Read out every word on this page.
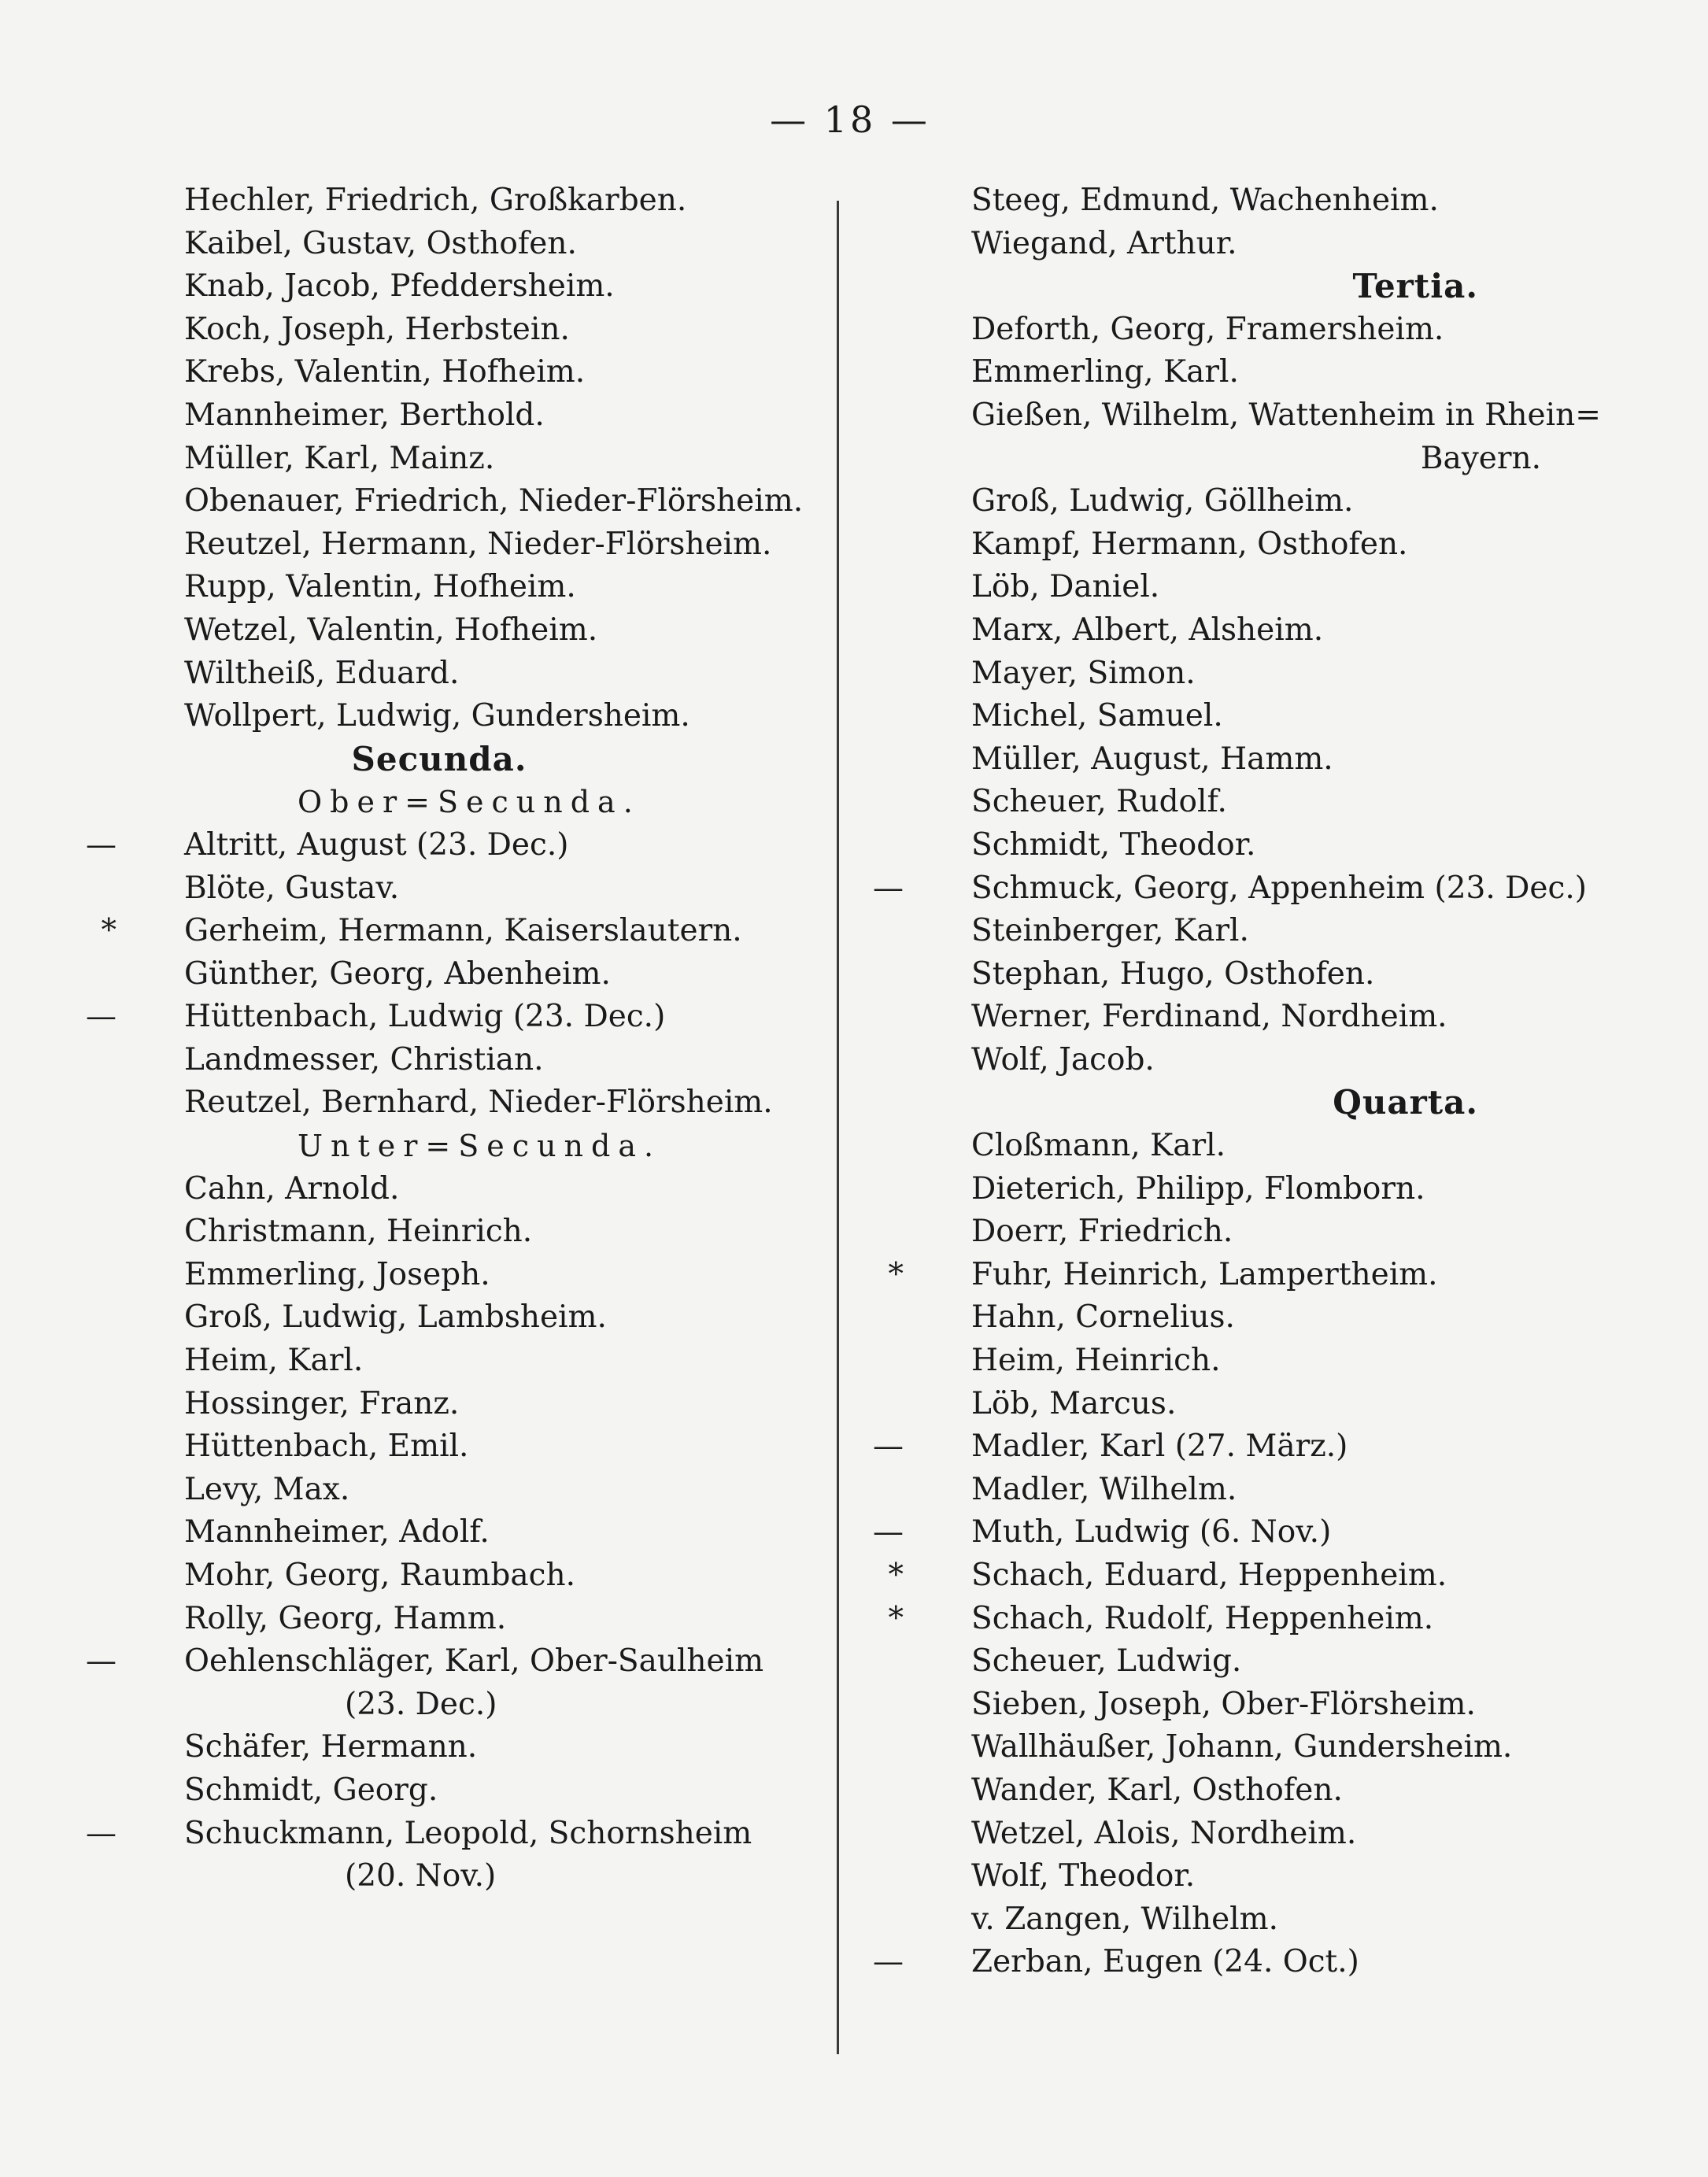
— 18 —
Hechler, Friedrich, Großkarben.
Kaibel, Gustav, Osthofen.
Knab, Jacob, Pfeddersheim.
Koch, Joseph, Herbstein.
Krebs, Valentin, Hofheim.
Mannheimer, Berthold.
Müller, Karl, Mainz.
Obenauer, Friedrich, Nieder-Flörsheim.
Reutzel, Hermann, Nieder-Flörsheim.
Rupp, Valentin, Hofheim.
Wetzel, Valentin, Hofheim.
Wiltheiß, Eduard.
Wollpert, Ludwig, Gundersheim.
Secunda.
Ober=Secunda.
— Altritt, August (23. Dec.)
Blöte, Gustav.
* Gerheim, Hermann, Kaiserslautern.
Günther, Georg, Abenheim.
— Hüttenbach, Ludwig (23. Dec.)
Landmesser, Christian.
Reutzel, Bernhard, Nieder-Flörsheim.
Unter=Secunda.
Cahn, Arnold.
Christmann, Heinrich.
Emmerling, Joseph.
Groß, Ludwig, Lambsheim.
Heim, Karl.
Hossinger, Franz.
Hüttenbach, Emil.
Levy, Max.
Mannheimer, Adolf.
Mohr, Georg, Raumbach.
Rolly, Georg, Hamm.
— Oehlenschläger, Karl, Ober-Saulheim
(23. Dec.)
Schäfer, Hermann.
Schmidt, Georg.
— Schuckmann, Leopold, Schornsheim
(20. Nov.)
Steeg, Edmund, Wachenheim.
Wiegand, Arthur.
Tertia.
Deforth, Georg, Framersheim.
Emmerling, Karl.
Gießen, Wilhelm, Wattenheim in Rhein=
Bayern.
Groß, Ludwig, Göllheim.
Kampf, Hermann, Osthofen.
Löb, Daniel.
Marx, Albert, Alsheim.
Mayer, Simon.
Michel, Samuel.
Müller, August, Hamm.
Scheuer, Rudolf.
Schmidt, Theodor.
— Schmuck, Georg, Appenheim (23. Dec.)
Steinberger, Karl.
Stephan, Hugo, Osthofen.
Werner, Ferdinand, Nordheim.
Wolf, Jacob.
Quarta.
Cloßmann, Karl.
Dieterich, Philipp, Flomborn.
Doerr, Friedrich.
* Fuhr, Heinrich, Lampertheim.
Hahn, Cornelius.
Heim, Heinrich.
Löb, Marcus.
— Madler, Karl (27. März.)
Madler, Wilhelm.
— Muth, Ludwig (6. Nov.)
* Schach, Eduard, Heppenheim.
* Schach, Rudolf, Heppenheim.
Scheuer, Ludwig.
Sieben, Joseph, Ober-Flörsheim.
Wallhäußer, Johann, Gundersheim.
Wander, Karl, Osthofen.
Wetzel, Alois, Nordheim.
Wolf, Theodor.
v. Zangen, Wilhelm.
— Zerban, Eugen (24. Oct.)
